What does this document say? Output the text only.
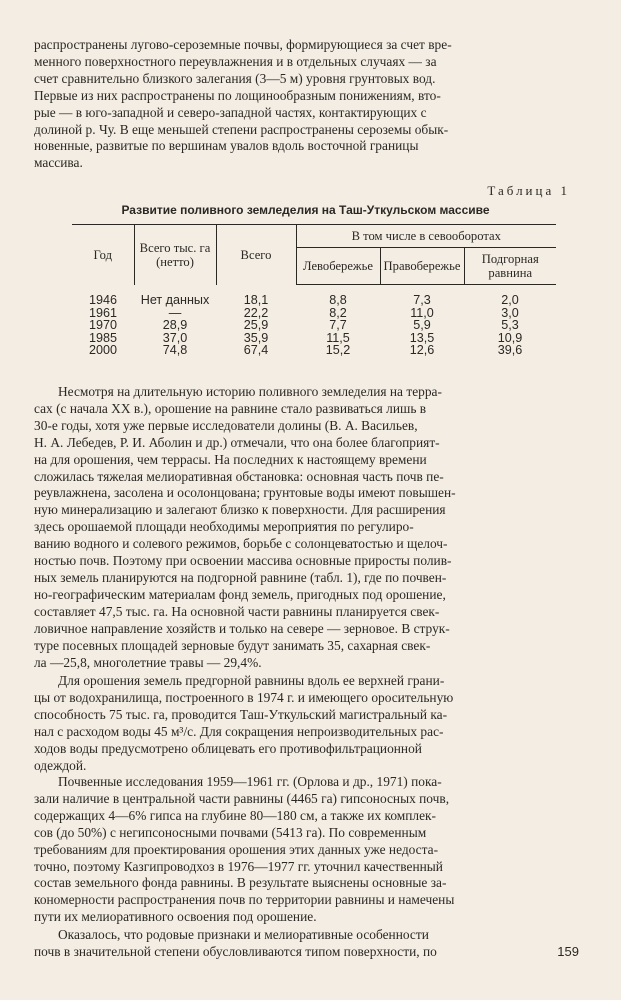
распространены лугово-сероземные почвы, формирующиеся за счет вре-
менного поверхностного переувлажнения и в отдельных случаях — за
счет сравнительно близкого залегания (3—5 м) уровня грунтовых вод.
Первые из них распространены по лощинообразным понижениям, вто-
рые — в юго-западной и северо-западной частях, контактирующих с
долиной р. Чу. В еще меньшей степени распространены сероземы обык-
новенные, развитые по вершинам увалов вдоль восточной границы
массива.

Таблица 1

Развитие поливного земледелия на Таш-Уткульском массиве

Год	Всего тыс. га (нетто)	Всего	В том числе в севооборотах		
			Левобережье	Правобережье	Подгорная равнина
1946	Нет данных	18,1	8,8	7,3	2,0
1961	—	22,2	8,2	11,0	3,0
1970	28,9	25,9	7,7	5,9	5,3
1985	37,0	35,9	11,5	13,5	10,9
2000	74,8	67,4	15,2	12,6	39,6

Несмотря на длительную историю поливного земледелия на терра-
сах (с начала XX в.), орошение на равнине стало развиваться лишь в
30-е годы, хотя уже первые исследователи долины (В. А. Васильев,
Н. А. Лебедев, Р. И. Аболин и др.) отмечали, что она более благоприят-
на для орошения, чем террасы. На последних к настоящему времени
сложилась тяжелая мелиоративная обстановка: основная часть почв пе-
реувлажнена, засолена и осолонцована; грунтовые воды имеют повышен-
ную минерализацию и залегают близко к поверхности. Для расширения
здесь орошаемой площади необходимы мероприятия по регулиро-
ванию водного и солевого режимов, борьбе с солонцеватостью и щелоч-
ностью почв. Поэтому при освоении массива основные приросты полив-
ных земель планируются на подгорной равнине (табл. 1), где по почвен-
но-географическим материалам фонд земель, пригодных под орошение,
составляет 47,5 тыс. га. На основной части равнины планируется свек-
ловичное направление хозяйств и только на севере — зерновое. В струк-
туре посевных площадей зерновые будут занимать 35, сахарная свек-
ла —25,8, многолетние травы — 29,4%.

Для орошения земель предгорной равнины вдоль ее верхней грани-
цы от водохранилища, построенного в 1974 г. и имеющего оросительную
способность 75 тыс. га, проводится Таш-Уткульский магистральный ка-
нал с расходом воды 45 м³/с. Для сокращения непроизводительных рас-
ходов воды предусмотрено облицевать его противофильтрационной
одеждой.

Почвенные исследования 1959—1961 гг. (Орлова и др., 1971) пока-
зали наличие в центральной части равнины (4465 га) гипсоносных почв,
содержащих 4—6% гипса на глубине 80—180 см, а также их комплек-
сов (до 50%) с негипсоносными почвами (5413 га). По современным
требованиям для проектирования орошения этих данных уже недоста-
точно, поэтому Казгипроводхоз в 1976—1977 гг. уточнил качественный
состав земельного фонда равнины. В результате выяснены основные за-
кономерности распространения почв по территории равнины и намечены
пути их мелиоративного освоения под орошение.

Оказалось, что родовые признаки и мелиоративные особенности
почв в значительной степени обусловливаются типом поверхности, по	159
